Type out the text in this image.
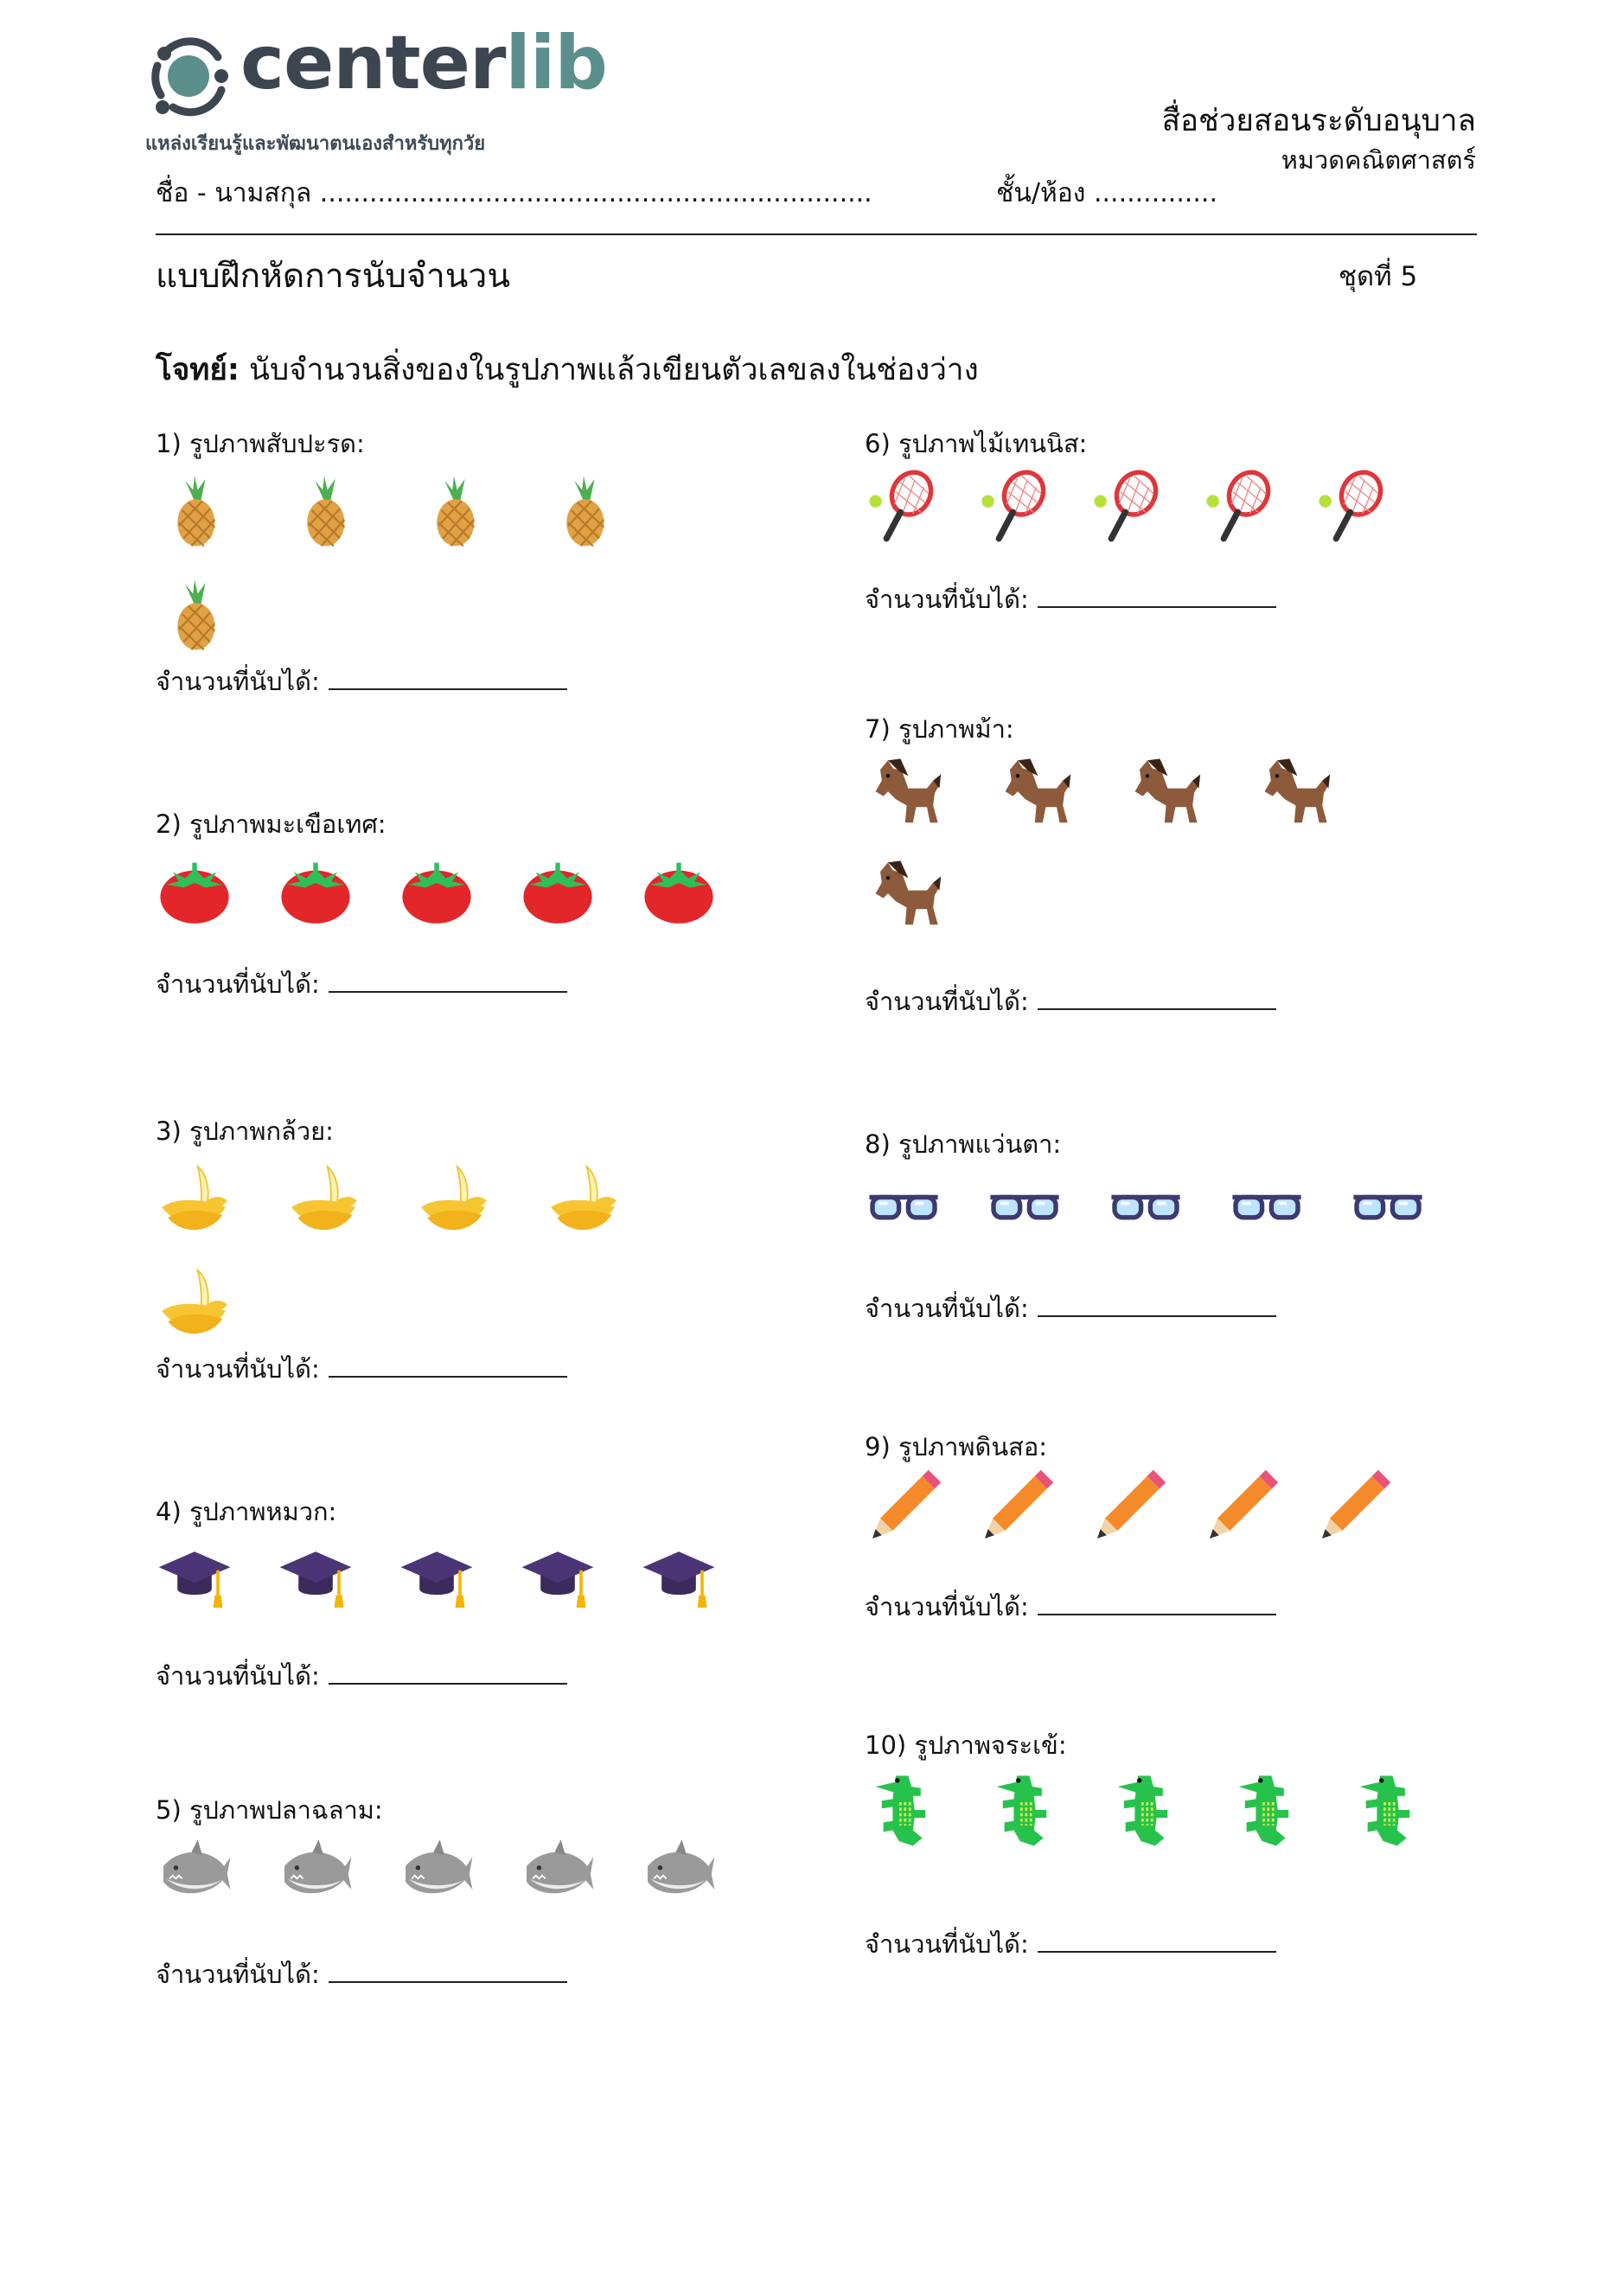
centerlib
แหล่งเรียนรู้และพัฒนาตนเองสำหรับทุกวัย
สื่อช่วยสอนระดับอนุบาล
หมวดคณิตศาสตร์
ชื่อ - นามสกุล ...................................................................	ชั้น/ห้อง ...............
แบบฝึกหัดการนับจำนวน	ชุดที่ 5
โจทย์: นับจำนวนสิ่งของในรูปภาพแล้วเขียนตัวเลขลงในช่องว่าง
1) รูปภาพสับปะรด:
จำนวนที่นับได้:
2) รูปภาพมะเขือเทศ:
จำนวนที่นับได้:
3) รูปภาพกล้วย:
จำนวนที่นับได้:
4) รูปภาพหมวก:
จำนวนที่นับได้:
5) รูปภาพปลาฉลาม:
จำนวนที่นับได้:
6) รูปภาพไม้เทนนิส:
จำนวนที่นับได้:
7) รูปภาพม้า:
จำนวนที่นับได้:
8) รูปภาพแว่นตา:
จำนวนที่นับได้:
9) รูปภาพดินสอ:
จำนวนที่นับได้:
10) รูปภาพจระเข้:
จำนวนที่นับได้:
